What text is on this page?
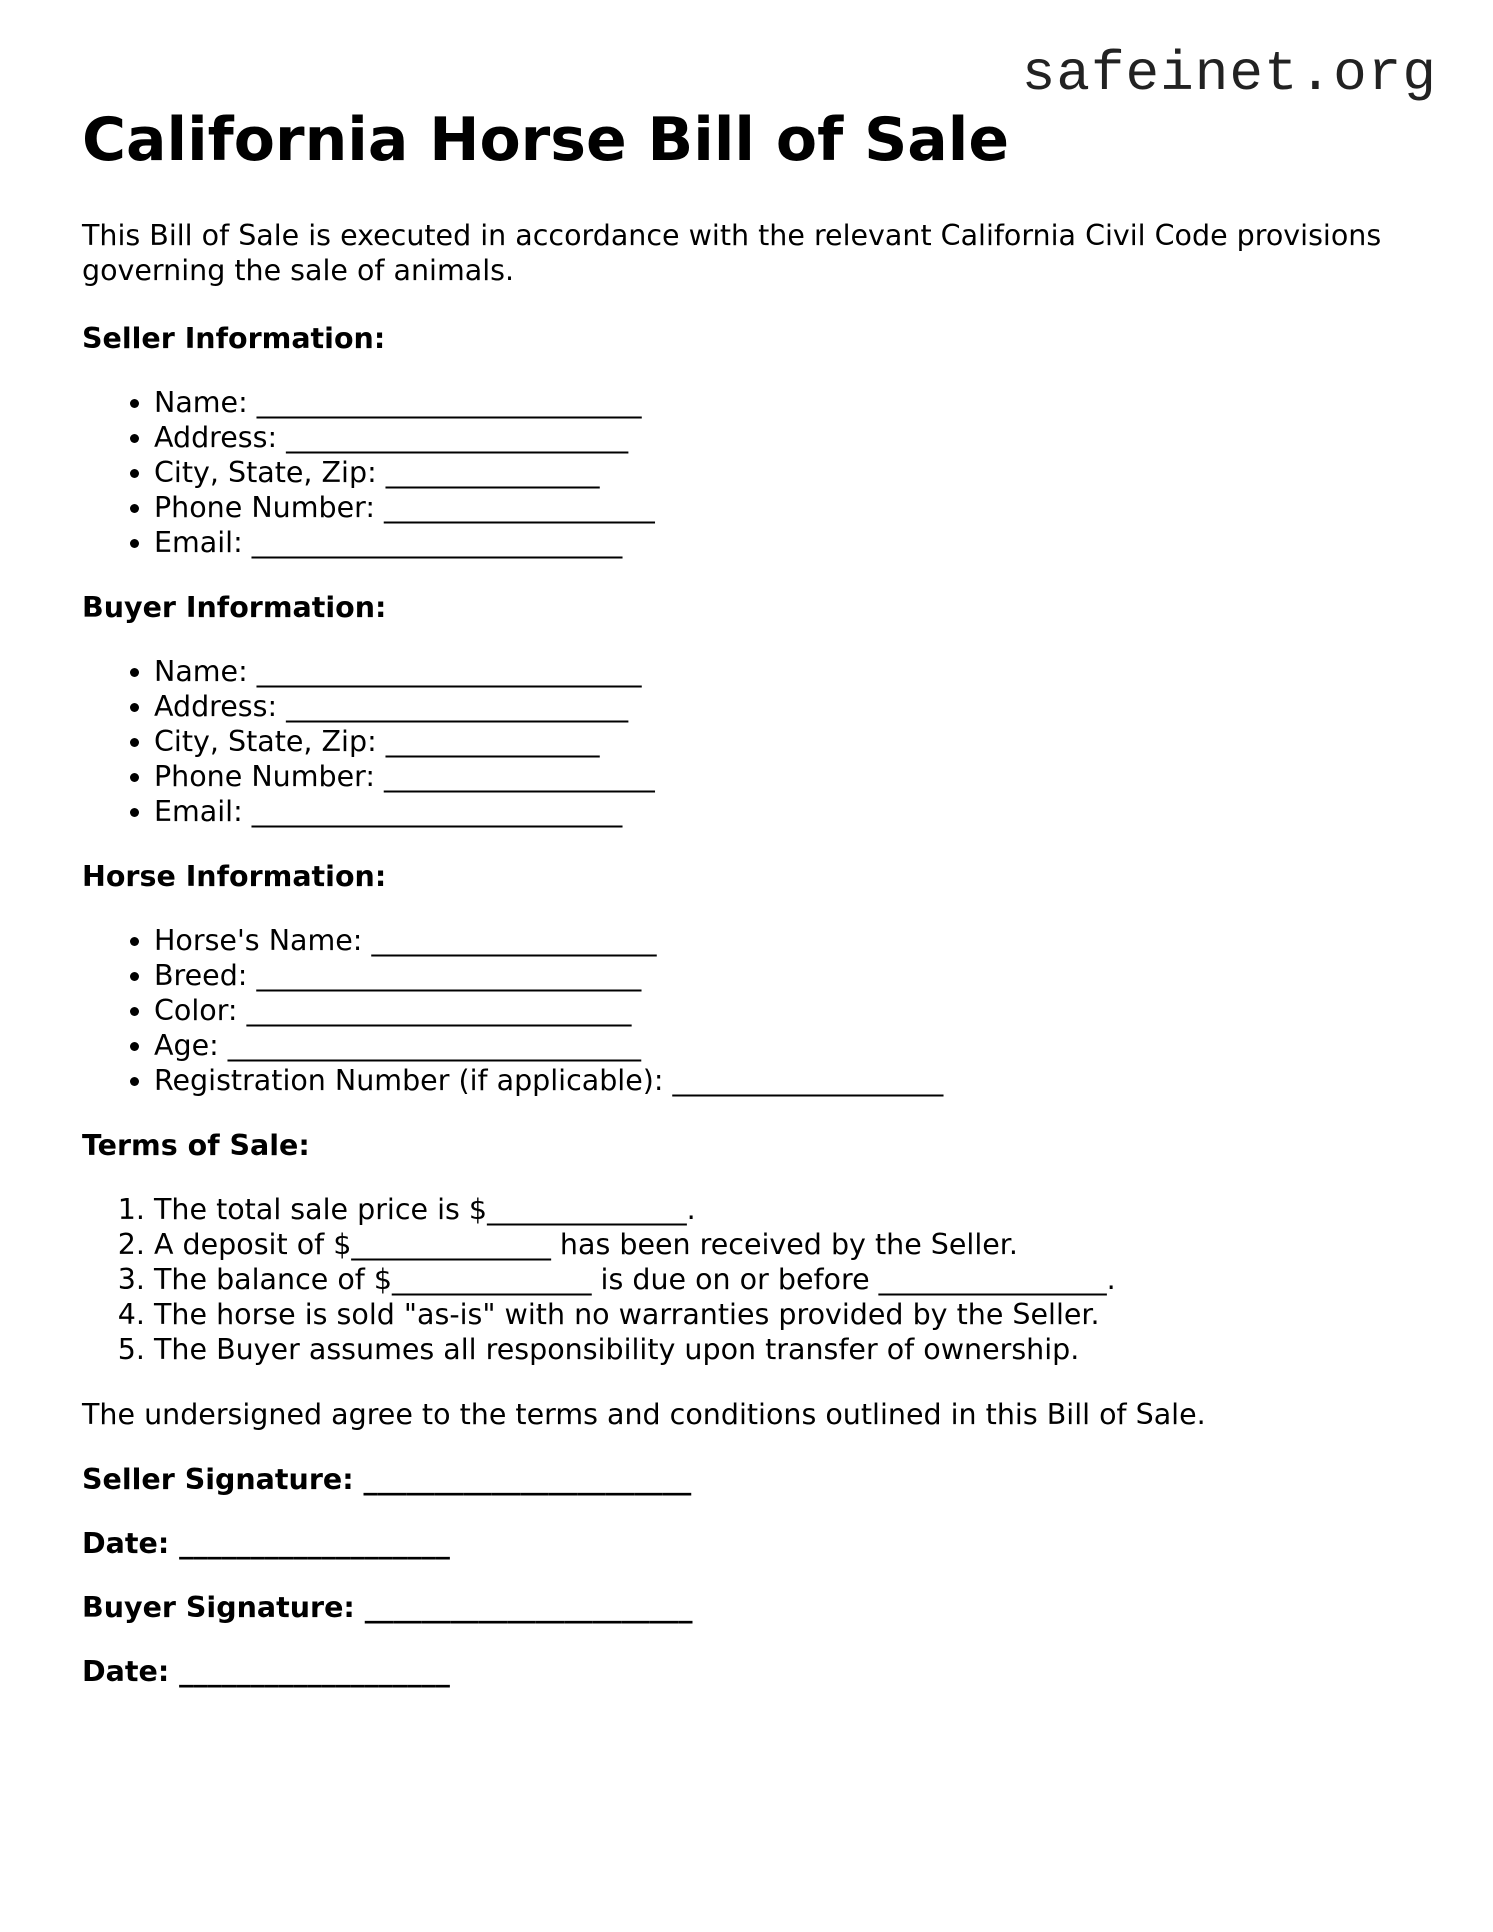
safeinet.org
California Horse Bill of Sale

This Bill of Sale is executed in accordance with the relevant California Civil Code provisions governing the sale of animals.

Seller Information:
• Name: ___________________________
• Address: ________________________
• City, State, Zip: _______________
• Phone Number: ___________________
• Email: __________________________
Buyer Information:
• Name: ___________________________
• Address: ________________________
• City, State, Zip: _______________
• Phone Number: ___________________
• Email: __________________________
Horse Information:
• Horse's Name: ____________________
• Breed: ___________________________
• Color: ___________________________
• Age: _____________________________
• Registration Number (if applicable): ___________________
Terms of Sale:
1. The total sale price is $______________.
2. A deposit of $______________ has been received by the Seller.
3. The balance of $______________ is due on or before ________________.
4. The horse is sold "as-is" with no warranties provided by the Seller.
5. The Buyer assumes all responsibility upon transfer of ownership.

The undersigned agree to the terms and conditions outlined in this Bill of Sale.

Seller Signature: _______________________

Date: ___________________

Buyer Signature: _______________________

Date: ___________________
